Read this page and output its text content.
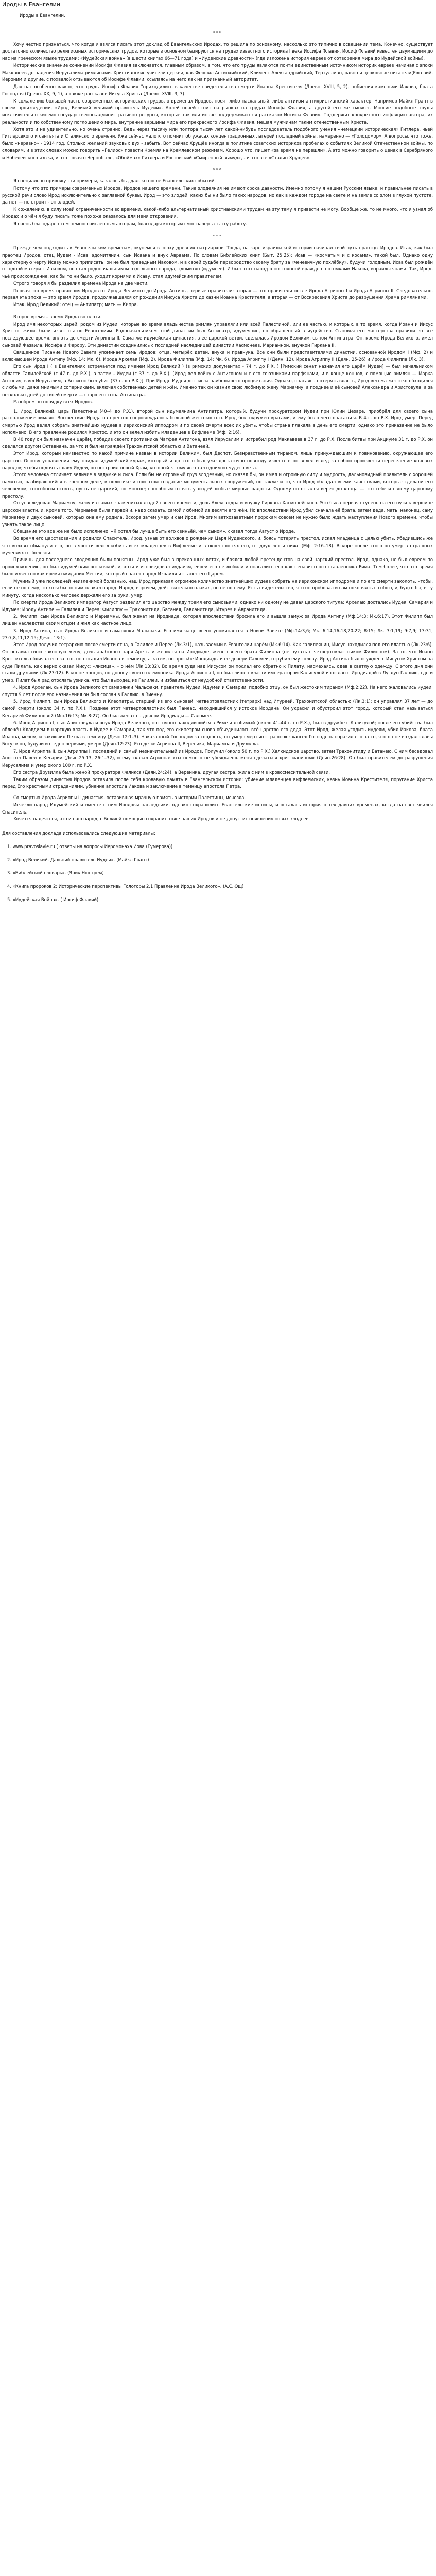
Ироды в Евангелии
Ироды в Евангелии.
***

Хочу честно признаться, что когда я взялся писать этот доклад об Евангельских Иродах, то решила по основному, насколько это типично в освещении тема. Конечно, существует достаточно количество религиозных исторических трудов, которые в основном базируются на трудах известного историка I века Иосифа Флавия. Иосиф Флавий известен двумящими до нас на греческом языке трудами: «Иудейская война» (в шести книгах 66—71 года) и «Иудейские древности» (где изложена история евреев от сотворения мира до Иудейской войны).

Исторические значение сочинений Иосифа Флавия заключается, главным образом, в том, что его труды являются почти единственным источником историк евреев начиная с эпохи Маккавеев до падения Иерусалима римлянами. Христианские учители церкви, как Феофил Антиохийский, Климент Александрийский, Тертуллиан, равно и церковные писатели(Евсевий, Иероним и другие, с похвалой отзываются об Иосифе Флавии; ссылаясь на него как на признанный авторитет.

Для нас особенно важно, что труды Иосифа Флавия ''приходились в качестве свидетельства смерти Иоанна Крестителя (Древн. XVIII, 5, 2), побиения каменьми Иакова, брата Господня (Древн. XX, 9, 1), а также рассказов Иисуса Христа (Древн. XVIII, 3, 3).

К сожалению большей часть современных исторических трудов, о временах Иродов, носят либо пасхальный, либо антиизм антихристианский характер. Например Майкл Грант в своём произведении, «Ирод Великий великий правитель Иудеии». Арлей ночей стоит на рынках на трудах Иосифа Флавия, а другой его же сможет. Многие подобные труды исключительно кинемо государственно-административно ресурсы, которые так или иначе поддерживаются рассказов Иосифа Флавия. Поддержит конкретного инфляцию автора, их реальности и по собственному поглощению мира, внутренне вершины мира его прекрасного Иосифа Флавия, мешая мужчинам таким отечественным Христа.

Хотя это и не удивительно, но очень странно. Ведь через тысячу или полтора тысяч лет какой-нибудь последователь подобного учения «немецкий историческая» Гитлера, чьей Гитлерсвкого и сантьяга и Сталинского времени. Уже сейчас мало кто помнит об ужасах концентрационных лагерей последней войны, намеренно — «Голодомор». А вопросы, что тоже, было «неравно» - 1914 год. Столько желаний звуковых дух - забыть. Вот сейчас Хрущёв иногда в политике советских историков пробелах о событиях Великой Отечественной войны, по словарям, и в этих словах можно говорить «Гелиос» повести Кремля на Кремлевском режимам. Хорошо что, пишет «за время не перешли». А это можно говорить о ценах в Серебряного и Нобелевского языка, и это новая о Чернобыле, «Обоймах» Гитлера и Ростовский «Смиренный вымуд», - и это все «Сталин Хрущев».

***

Я специально привожу эти примеры, казалось бы, далеко после Евангельских событий.

Потому что это примеры современных Иродов. Иродов нашего времени. Такие злодеяния не имеют срока давности. Именно потому я нашим Русским языке, и правильнее писать в русской речи слово Ирод исключительно с заглавной буквы. Ирод — это злодей, каких бы ни было таких народов, но как в каждом городе на свете и на земле со злом в глухой пустоте, да нет — не строит - он злодей.

К сожалению, в силу моей ограниченности во времени, какой-либо альтернативный христианскими трудам на эту тему я привести не могу. Вообще же, то не много, что я узнал об Иродах и о чём я буду писать тоже похоже оказалось для меня откровения.

Я очень благодарен тем немногочисленным авторам, благодаря которым смог начертать эту работу.

***

Прежде чем подходить к Евангельским временам, окунёмся в эпоху древних патриархов. Тогда, на заре израильской истории начинал свой путь праотцы Иродов. Итак, как был праотец Иродов, отец Иудеи - Исав, эдомитянин, сын Исаака и внук Авраама. По словам Библейских книг (Быт. 25:25): Исав — «косматым и с косами», такой был. Однако одну характерную черту Исаву можно приписать: он не был праведным Иаковом, и в своей судьбе первородство своему брату за «чечевичную похлёбку», будучи голодным. Исав был рождён от одной матери с Иаковом, но стал родоначальником отдельного народа, эдомитян (идумеев). И был этот народ в постоянной вражде с потомками Иакова, израильтянами. Так, Ирод, чьё происхождение, как бы то ни было, уходит корнями к Исаву, стал идумейским правителем.

Строго говоря я бы разделил времена Ирода на две части.

Первая это время правления Иродов от Ирода Великого до Ирода Антипы, первые правители; вторая — это правители после Ирода Агриппы I и Ирода Агриппы II. Следовательно, первая эта эпоха — это время Иродов, продолжавшаяся от рождения Иисуса Христа до казни Иоанна Крестителя, а вторая — от Воскресения Христа до разрушения Храма римлянами.

Итак, Ирод Великий; отец — Антипатр; мать — Кипра.

Второе время – время Ирода во плоти.

Ирод имя некоторых царей, родом из Иудеи, которые во время владычества римлян управляли или всей Палестиной, или ее частью, и которых, в то время, когда Иоанн и Иисус Христос жили, были известны по Евангелиям. Родоначальником этой династии был Антипатр, идумеянин, но обращённый в иудейство. Сыновья его мастерства правили во всё последующее время, вплоть до смерти Агриппы II. Сама же идумейская династия, в её царской ветви, сделалась Иродом Великим, сыном Антипатра. Он, кроме Ирода Великого, имел сыновей Фазаила, Иосифа и Ферору. Эти династии соединились с последней наследницей династии Хасмонеев, Мариамной, внучкой Гиркана II.

Священное Писание Нового Завета упоминает семь Иродов: отца, четырёх детей, внука и правнука. Все они были представителями династии, основанной Иродом I (Мф. 2) и включающей Ирода Антипу (Мф. 14; Мк. 6), Ирода Архелая (Мф. 2), Ирода Филиппа (Мф. 14; Мк. 6), Ирода Агриппу I (Деян. 12), Ирода Агриппу II (Деян. 25-26) и Ирода Филиппа (Лк. 3).

Его сын Ирод I ( в Евангелиях встречается под именем Ирод Великий ) (в римских документах - 74 г. до Р.Х. ) [Римский сенат назначил его царём Иудеи] — был начальником области Галилейской (с 47 г. до Р.Х.), а затем - Иудеи (с 37 г. до Р.Х.). [Ирод вел войну с Антигоном и с его союзниками парфянами, и в конце концов, с помощью римлян — Марка Антония, взял Иерусалим, а Антигон был убит (37 г. до Р.Х.)]. При Ироде Иудея достигла наибольшего процветания. Однако, опасаясь потерять власть, Ирод весьма жестоко обходился с любыми, даже мнимыми соперниками, включая собственных детей и жён. Именно так он казнил свою любимую жену Мариамну, а позднее и её сыновей Александра и Аристовула, а за несколько дней до своей смерти — старшего сына Антипатра.

Разобрём по порядку всех Иродов.

1. Ирод Великий, царь Палестины (40–4 до Р.Х.), второй сын идумеянина Антипатра, который, будучи прокуратором Иудеи при Юлии Цезаре, приобрёл для своего сына расположение римлян. Восшествие Ирода на престол сопровождалось большой жестокостью. Ирод был окружён врагами, и ему было чего опасаться. В 4 г. до Р.Х. Ирод умер. Перед смертью Ирод велел собрать знатнейших иудеев в иерихонский ипподром и по своей смерти всех их убить, чтобы страна плакала в день его смерти, однако это приказание не было исполнено. В его правление родился Христос, и это он велел избить младенцев в Вифлееме (Мф. 2:16).

В 40 году он был назначен царём, победив своего противника Матфея Антигона, взял Иерусалим и истребил род Маккавеев в 37 г. до Р.Х. После битвы при Акциуме 31 г. до Р.Х. он сделался другом Октавиана, за что и был награждён Трахонитской областью и Ватанеей.

Этот Ирод, который неизвестно по какой причине назван в истории Великим, был Деспот, Безнравственным тираном, лишь принуждающим к повиновению, окружающее его царство. Основу управления ему придал идумейский кураж, который и до этого был уже достаточно повсюду известен: он велел вслед за собою произвести переселение кочевых народов; чтобы поднять славу Иудеи, он построил новый Храм, который к тому же стал одним из чудес света.

Этого человека отличает величие в задумке и сила. Если бы не огромный груз злодеяний, но сказал бы, он имел и огромную силу и мудрость, дальновидный правитель с хорошей памятью, разбирающийся в военном деле, в политике и при этом создание монументальных сооружений, но также и то, что Ирод обладал всеми качествами, которые сделали его человеком, способным отнять, пусть не царский, но многое; способным отнять у людей любые мирные радости. Одному он остался верен до конца — это себе и своему царскому престолу.

Он унаследовал Мариамну, жену из самых знаменитых людей своего времени, дочь Александра и внучку Гиркана Хасмонейского. Это была первая ступень на его пути к вершине царской власти, и, кроме того, Мариамна была первой и, надо сказать, самой любимой из десяти его жён. Но впоследствии Ирод убил сначала её брата, затем деда, мать, наконец, саму Мариамну и двух сыновей, которых она ему родила. Вскоре затем умер и сам Ирод. Многим ветхозаветным пророкам совсем не нужно было ждать наступления Нового времени, чтобы узнать такое лицо.

Обещание это все же не было исполнено. «Я хотел бы лучше быть его свиньёй, чем сыном», сказал тогда Август о Ироде.

Во время его царствования и родился Спаситель. Ирод, узнав от волхвов о рождении Царя Иудейского, и, боясь потерять престол, искал младенца с целью убить. Убедившись же что волхвы обманули его, он в ярости велел избить всех младенцев в Вифлееме и в окрестностях его, от двух лет и ниже (Мф. 2:16–18). Вскоре после этого он умер в страшных мучениях от болезни.

Причины для последнего злодеяния были понятны. Ирод уже был в преклонных летах, и боялся любой претендентов на свой царский престол. Ирод, однако, не был евреем по происхождению, он был идумейским выскочкой, и, хотя и исповедовал иудаизм, евреи его не любили и опасались его как ненавистного ставленника Рима. Тем более, что это время было известно как время ожидания Мессии, который спасёт народ Израиля и станет его Царём.

Мучимый уже последней неизлечимой болезнью, наш Ирод приказал огромное количество знатнейших иудеев собрать на иерихонском ипподроме и по его смерти заколоть, чтобы, если не по нему, то хотя бы по ним плакал народ. Народ, впрочем, действительно плакал, но не по нему. Есть свидетельство, что он пробовал и сам покончить с собою, и, будто бы, в ту минуту, когда несколько человек держали его за руки, умер.

По смерти Ирода Великого император Август разделил его царство между тремя его сыновьями, однако ни одному не давая царского титула: Архелаю достались Иудея, Самария и Идумея; Ироду Антипе — Галилея и Перея; Филиппу — Трахонитида, Батанея, Гавланитида, Итурея и Авранитида.

2. Филипп, сын Ирода Великого и Мариамны, был женат на Иродиаде, которая впоследствии бросила его и вышла замуж за Ирода Антипу (Мф.14:3; Мк.6:17). Этот Филипп был лишен наследства своим отцом и жил как частное лицо.

3. Ирод Антипа, сын Ирода Великого и самарянки Мальфаки. Его имя чаще всего упоминается в Новом Завете (Мф.14:3,6; Мк. 6:14,16-18,20-22; 8:15; Лк. 3:1,19; 9:7,9; 13:31; 23:7,8,11,12,15; Деян. 13:1).

Этот Ирод получил тетрархию после смерти отца, в Галилее и Перее (Лк.3:1), называемый в Евангелии царём (Мк.6:14). Как галилеянин, Иисус находился под его властью (Лк.23:6). Он оставил свою законную жену, дочь арабского царя Ареты и женился на Иродиаде, жене своего брата Филиппа (не путать с четвертовластником Филиппом). За то, что Иоанн Креститель обличал его за это, он посадил Иоанна в темницу, а затем, по просьбе Иродиады и её дочери Саломеи, отрубил ему голову. Ирод Антипа был осуждён с Иисусом Христом на суде Пилата, как верно сказал Иисус: «лисица», - о нём (Лк.13:32). Во время суда над Иисусом он послал его обратно к Пилату, насмехаясь, одев в светлую одежду. С этого дня они стали друзьями (Лк.23:12). В конце концов, по доносу своего племянника Ирода Агриппы I, он был лишён власти императором Калигулой и сослан с Иродиадой в Лугдун Галлию, где и умер. Пилат был рад отослать узника, что был выходец из Галилеи, и избавиться от неудобной ответственности.

4. Ирод Архелай, сын Ирода Великого от самарянки Мальфаки, правитель Иудеи, Идумеи и Самарии; подобно отцу, он был жестоким тираном (Мф.2:22). На него жаловались иудеи; спустя 9 лет после его назначения он был сослан в Галлию, в Виенну.

5. Ирод Филипп, сын Ирода Великого и Клеопатры, старший из его сыновей, четвертовластник (тетрарх) над Итуреей, Трахонитской областью (Лк.3:1); он управлял 37 лет — до самой смерти (около 34 г. по Р.Х.). Позднее этот четвертовластник был Панеас, находившийся у истоков Иордана. Он украсил и обустроил этот город, который стал называться Кесарией Филипповой (Мф.16:13; Мк.8:27). Он был женат на дочери Иродиады — Саломее.

6. Ирод Агриппа I, сын Аристовула и внук Ирода Великого, постоянно находившийся в Риме и любимый (около 41–44 г. по Р.Х.), был в дружбе с Калигулой; после его убийства был облечён Клавдием в царскую власть в Иудее и Самарии, так что под его скипетром снова объединилось всё царство его деда. Этот Ирод, желая угодить иудеям, убил Иакова, брата Иоанна, мечом, и заключил Петра в темницу (Деян.12:1–3). Наказанный Господом за гордость, он умер смертью страшною: «ангел Господень поразил его за то, что он не воздал славы Богу; и он, будучи изъеден червями, умер» (Деян.12:23). Его дети: Агриппа II, Вереника, Мариамна и Друзилла.

7. Ирод Агриппа II, сын Агриппы I, последний и самый незначительный из Иродов. Получил (около 50 г. по Р.Х.) Халкидское царство, затем Трахонитиду и Батанею. С ним беседовал Апостол Павел в Кесарии (Деян.25:13, 26:1–32), и ему сказал Агриппа: «ты немного не убеждаешь меня сделаться христианином» (Деян.26:28). Он был правителем до разрушения Иерусалима и умер около 100 г. по Р.Х.

Его сестра Друзилла была женой прокуратора Феликса (Деян.24:24), а Вереника, другая сестра, жила с ним в кровосмесительной связи.

Таким образом династия Иродов оставила после себя кровавую память в Евангельской истории: убиение младенцев вифлеемских, казнь Иоанна Крестителя, поругание Христа перед Его крестными страданиями, убиение апостола Иакова и заключение в темницу апостола Петра.

Со смертью Ирода Агриппы II династия, оставившая мрачную память в истории Палестины, исчезла.

Исчезли народ Идумейский и вместе с ним Иродовы наследники, однако сохранились Евангельские истины, и осталась история о тех давних временах, когда на свет явился Спаситель.

Хочется надеяться, что и наш народ, с Божией помощью сохранит тоже наших Иродов и не допустит появления новых злодеев.

Для составления доклада использовались следующие материалы:

1. www.pravoslavie.ru ( ответы на вопросы Иеромонаха Иова (Гумерова))

2. «Ирод Великий. Дальний правитель Иудеи». (Майкл Грант)

3. «Библейский словарь». (Эрик Нюстрем)

4. «Книга пророков 2: Исторические перспективы Гологоры 2.1 Правление Ирода Великого». (А.С.Ющ)

5. «Иудейская Война». ( Иосиф Флавий)
